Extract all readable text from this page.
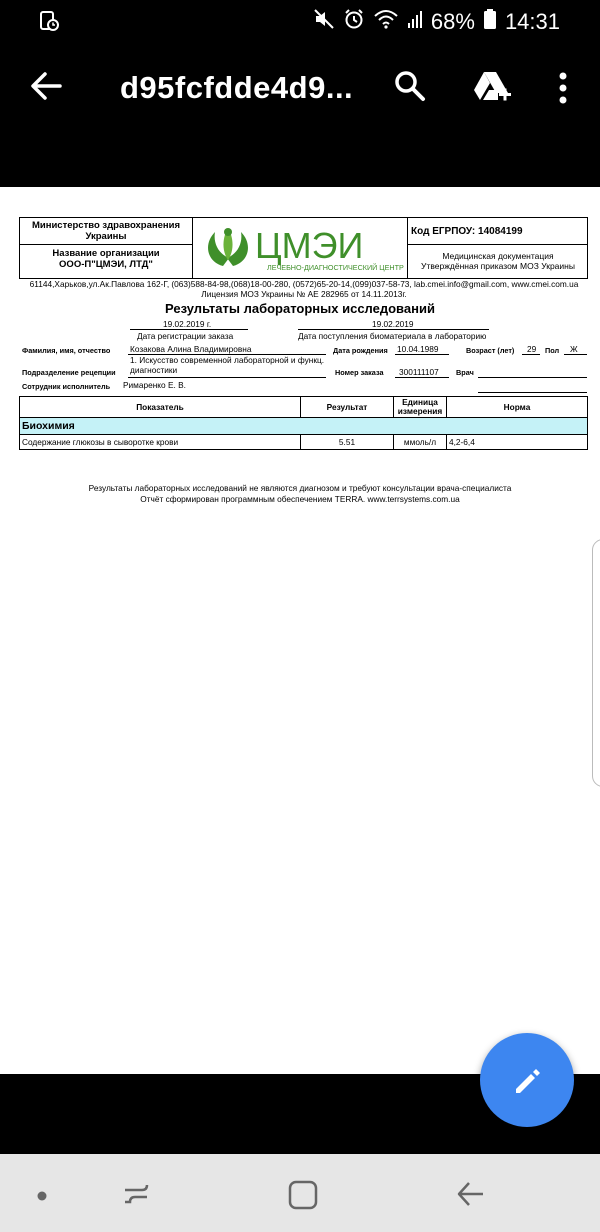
68% 14:31
d95fcfdde4d9...
Министерство здравохранения Украины
Название организации
ООО-П"ЦМЭИ, ЛТД"	ЦМЭИ
ЛЕЧЕБНО-ДИАГНОСТИЧЕСКИЙ ЦЕНТР
Код ЕГРПОУ: 14084199
Медицинская документация
Утверждённая приказом МОЗ Украины
61144,Харьков,ул.Ак.Павлова 162-Г, (063)588-84-98,(068)18-00-280, (0572)65-20-14,(099)037-58-73, lab.cmei.info@gmail.com, www.cmei.com.ua
Лицензия МОЗ Украины № АЕ 282965 от 14.11.2013г.
Результаты лабораторных исследований
19.02.2019 г.
Дата регистрации заказа
19.02.2019
Дата поступления биоматериала в лабораторию
Фамилия, имя, отчество Козакова Алина Владимировна	Дата рождения 10.04.1989	Возраст (лет) 29 Пол Ж
Подразделение рецепции
1. Искусство современной лабораторной и функц.
диагностики	Номер заказа 300111107 Врач
Сотрудник исполнитель Римаренко Е. В.
Показатель	Результат	Единица измерения	Норма
Биохимия			
Содержание глюкозы в сыворотке крови	5.51	ммоль/л	4,2-6,4
Результаты лабораторных исследований не являются диагнозом и требуют консультации врача-специалиста
Отчёт сформирован программным обеспечением TERRA. www.terrsystems.com.ua
